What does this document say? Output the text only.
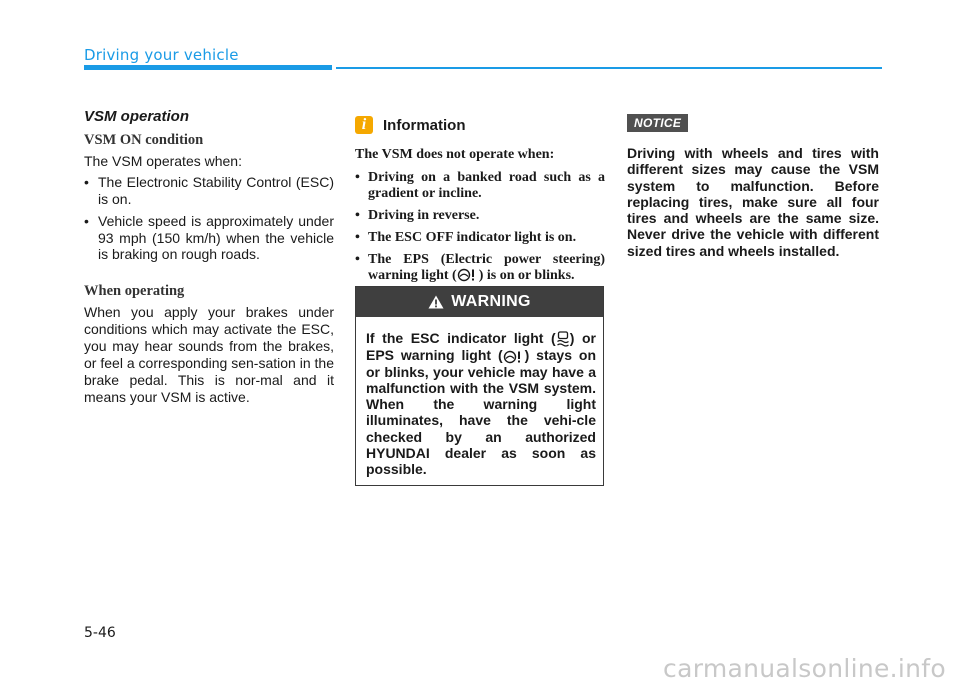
Driving your vehicle
VSM operation
VSM ON condition

The VSM operates when:

• The Electronic Stability Control (ESC) is on.
• Vehicle speed is approximately under 93 mph (150 km/h) when the vehicle is braking on rough roads.
When operating

When you apply your brakes under conditions which may activate the ESC, you may hear sounds from the brakes, or feel a corresponding sen-sation in the brake pedal. This is nor-mal and it means your VSM is active.

i	Information
The VSM does not operate when:
• Driving on a banked road such as a gradient or incline.
• Driving in reverse.
• The ESC OFF indicator light is on.
• The EPS (Electric power steering) warning light ( ) is on or blinks.
WARNING
If the ESC indicator light ( ) or EPS warning light ( ) stays on or blinks, your vehicle may have a malfunction with the VSM system. When the warning light illuminates, have the vehi-cle checked by an authorized HYUNDAI dealer as soon as possible.
NOTICE
Driving with wheels and tires with different sizes may cause the VSM system to malfunction. Before replacing tires, make sure all four tires and wheels are the same size. Never drive the vehicle with different sized tires and wheels installed.
5-46
carmanualsonline.info
